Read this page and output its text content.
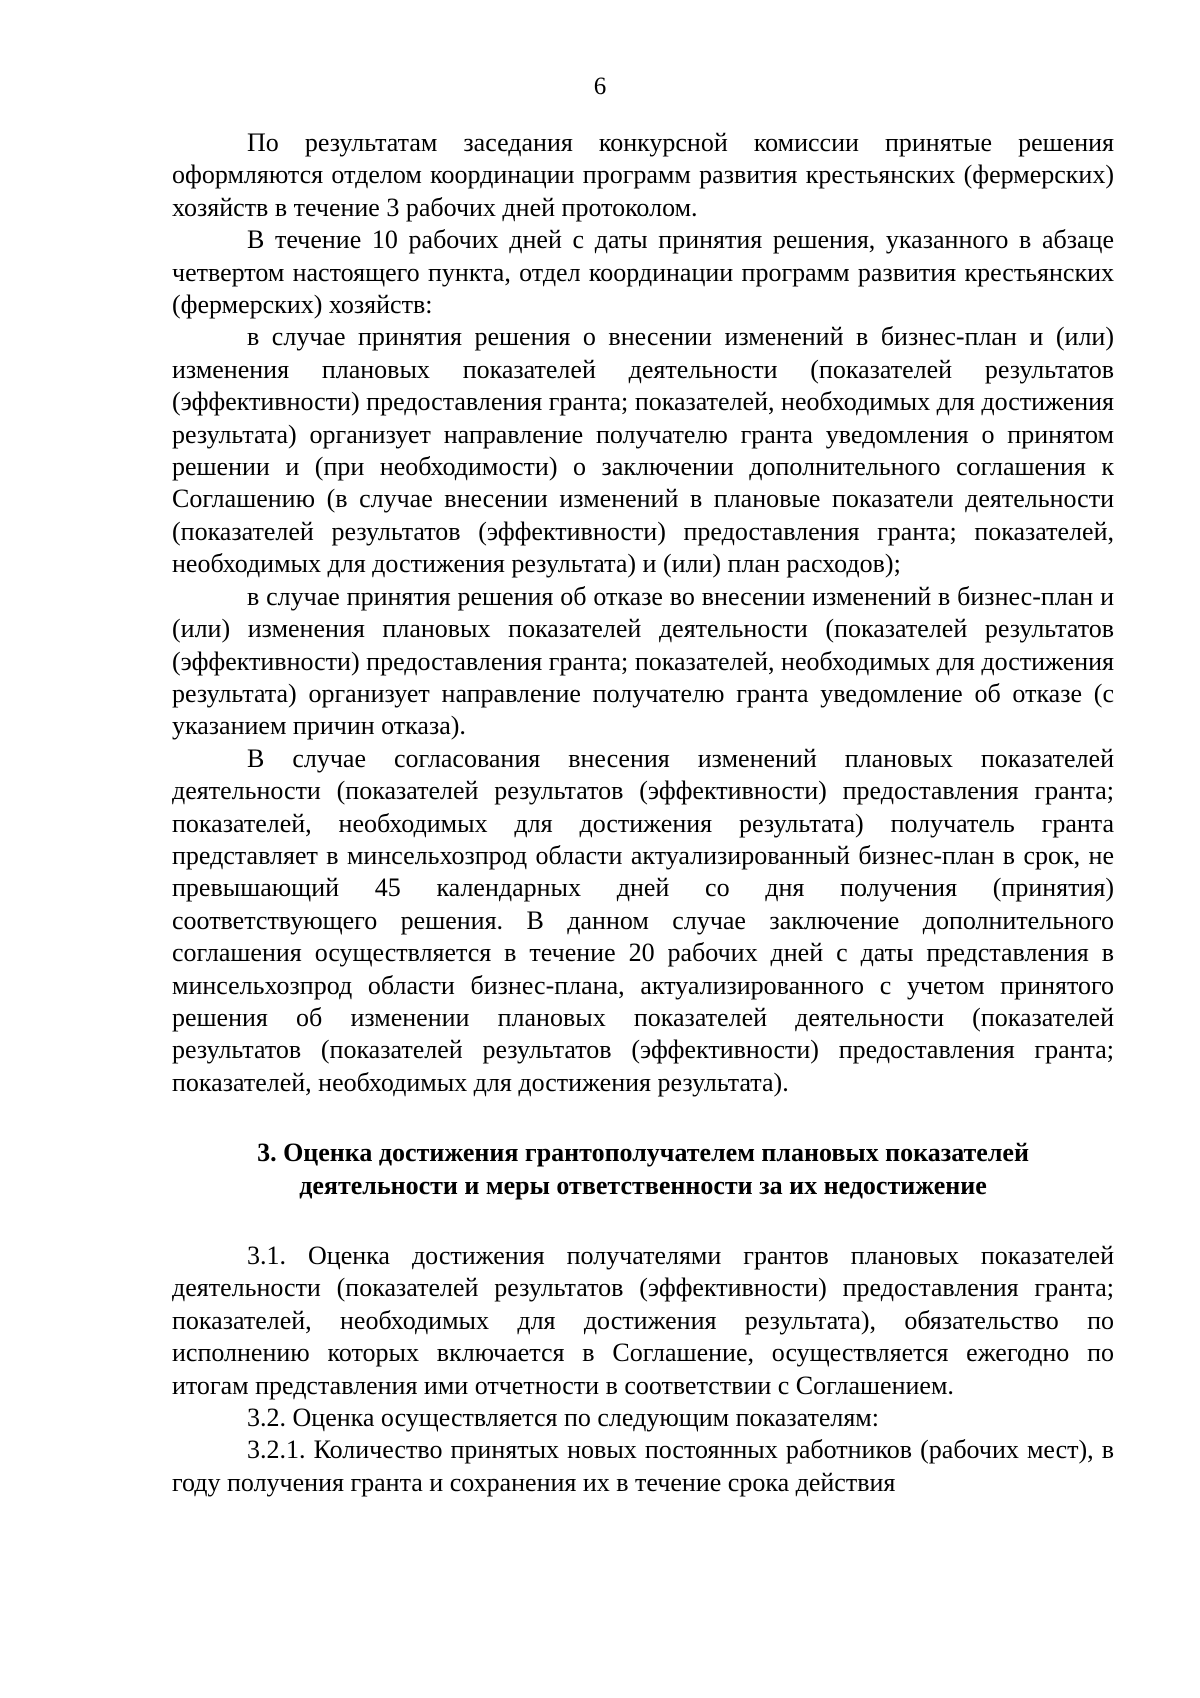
6

По результатам заседания конкурсной комиссии принятые решения оформляются отделом координации программ развития крестьянских (фермерских) хозяйств в течение 3 рабочих дней протоколом.

В течение 10 рабочих дней с даты принятия решения, указанного в абзаце четвертом настоящего пункта, отдел координации программ развития крестьянских (фермерских) хозяйств:

в случае принятия решения о внесении изменений в бизнес-план и (или) изменения плановых показателей деятельности (показателей результатов (эффективности) предоставления гранта; показателей, необходимых для достижения результата) организует направление получателю гранта уведомления о принятом решении и (при необходимости) о заключении дополнительного соглашения к Соглашению (в случае внесении изменений в плановые показатели деятельности (показателей результатов (эффективности) предоставления гранта; показателей, необходимых для достижения результата) и (или) план расходов);

в случае принятия решения об отказе во внесении изменений в бизнес-план и (или) изменения плановых показателей деятельности (показателей результатов (эффективности) предоставления гранта; показателей, необходимых для достижения результата) организует направление получателю гранта уведомление об отказе (с указанием причин отказа).

В случае согласования внесения изменений плановых показателей деятельности (показателей результатов (эффективности) предоставления гранта; показателей, необходимых для достижения результата) получатель гранта представляет в минсельхозпрод области актуализированный бизнес-план в срок, не превышающий 45 календарных дней со дня получения (принятия) соответствующего решения. В данном случае заключение дополнительного соглашения осуществляется в течение 20 рабочих дней с даты представления в минсельхозпрод области бизнес-плана, актуализированного с учетом принятого решения об изменении плановых показателей деятельности (показателей результатов (показателей результатов (эффективности) предоставления гранта; показателей, необходимых для достижения результата).

3. Оценка достижения грантополучателем плановых показателей
деятельности и меры ответственности за их недостижение

3.1. Оценка достижения получателями грантов плановых показателей деятельности (показателей результатов (эффективности) предоставления гранта; показателей, необходимых для достижения результата), обязательство по исполнению которых включается в Соглашение, осуществляется ежегодно по итогам представления ими отчетности в соответствии с Соглашением.

3.2. Оценка осуществляется по следующим показателям:

3.2.1. Количество принятых новых постоянных работников (рабочих мест), в году получения гранта и сохранения их в течение срока действия
